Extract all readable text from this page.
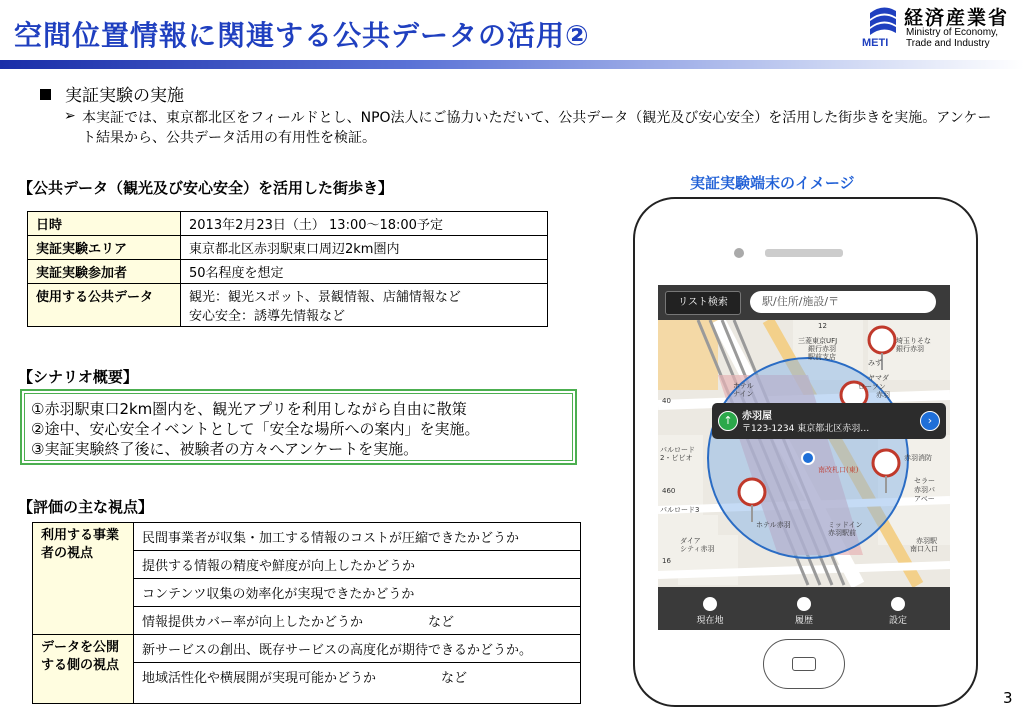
空間位置情報に関連する公共データの活用②
経済産業省
Ministry of Economy,
Trade and Industry
METI
実証実験の実施
➢ 本実証では、東京都北区をフィールドとし、NPO法人にご協力いただいて、公共データ（観光及び安心安全）を活用した街歩きを実施。アンケート結果から、公共データ活用の有用性を検証。
【公共データ（観光及び安心安全）を活用した街歩き】
日時	2013年2月23日（土） 13:00〜18:00予定
実証実験エリア	東京都北区赤羽駅東口周辺2km圏内
実証実験参加者	50名程度を想定
使用する公共データ	観光：観光スポット、景観情報、店舗情報など
安心安全：誘導先情報など
【シナリオ概要】
①赤羽駅東口2km圏内を、観光アプリを利用しながら自由に散策
②途中、安心安全イベントとして「安全な場所への案内」を実施。
③実証実験終了後に、被験者の方々へアンケートを実施。
【評価の主な視点】
利用する事業者の視点	民間事業者が収集・加工する情報のコストが圧縮できたかどうか
	提供する情報の精度や鮮度が向上したかどうか
	コンテンツ収集の効率化が実現できたかどうか
	情報提供カバー率が向上したかどうか　　　　　など
データを公開する側の視点	新サービスの創出、既存サービスの高度化が期待できるかどうか。
	地域活性化や横展開が実現可能かどうか　　　　　など
実証実験端末のイメージ
12
三菱東京UFJ
銀行赤羽
駅前支店
埼玉りそな
銀行赤羽
みず
ホテル
ナイン
ヤマダ
ローソン
赤羽
40
パルロード
2・ビビオ
パルロード3
ホテル赤羽	ミッドイン
赤羽駅前
ダイア
シティ赤羽
セラー
赤羽パ
アベー
赤羽消防
赤羽駅
南口入口
16
南改札口(東)
460
リスト検索	駅/住所/施設/〒
↑ 赤羽屋
〒123-1234 東京都北区赤羽…
›
現在地	履歴	設定
3
